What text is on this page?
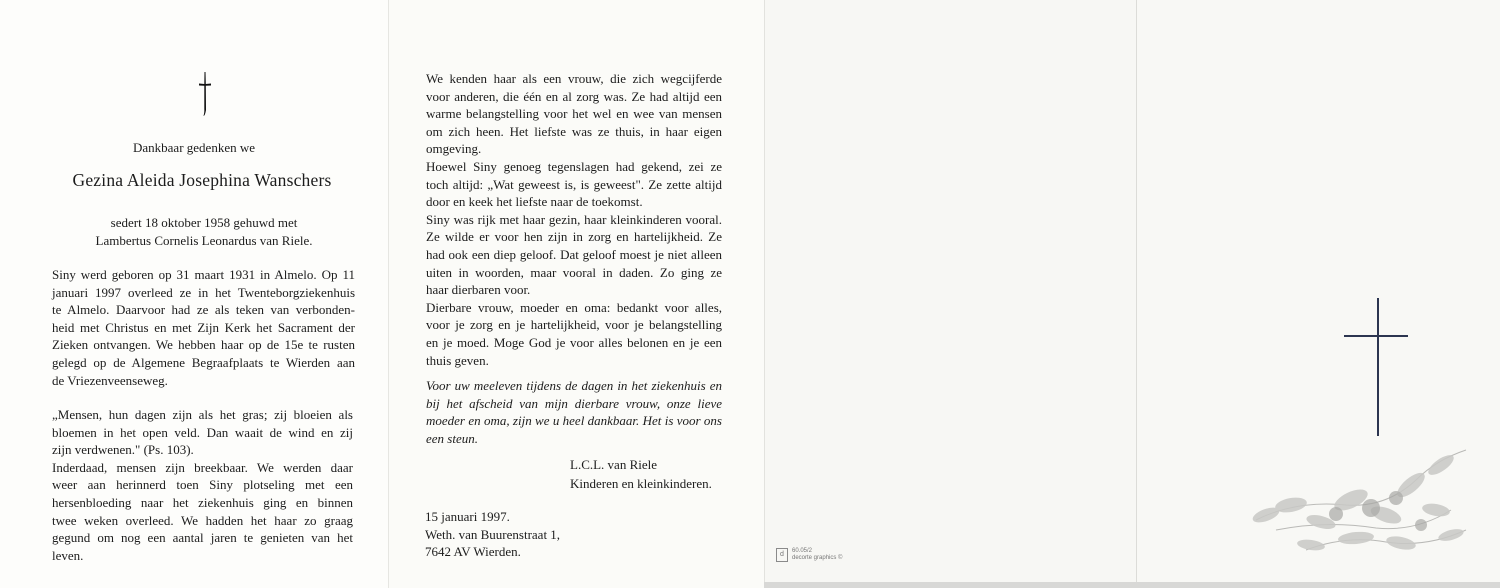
Dankbaar gedenken we
Gezina Aleida Josephina Wanschers
sedert 18 oktober 1958 gehuwd met
Lambertus Cornelis Leonardus van Riele.

Siny werd geboren op 31 maart 1931 in Almelo. Op 11

januari 1997 overleed ze in het Twenteborgziekenhuis

te Almelo. Daarvoor had ze als teken van verbonden-

heid met Christus en met Zijn Kerk het Sacrament der

Zieken ontvangen. We hebben haar op de 15e te rusten

gelegd op de Algemene Begraafplaats te Wierden aan

de Vriezenveenseweg.

„Mensen, hun dagen zijn als het gras; zij bloeien als

bloemen in het open veld. Dan waait de wind en zij

zijn verdwenen." (Ps. 103).

Inderdaad, mensen zijn breekbaar. We werden daar

weer aan herinnerd toen Siny plotseling met een

hersenbloeding naar het ziekenhuis ging en binnen

twee weken overleed. We hadden het haar zo graag

gegund om nog een aantal jaren te genieten van het

leven.

We kenden haar als een vrouw, die zich wegcijferde

voor anderen, die één en al zorg was. Ze had altijd een

warme belangstelling voor het wel en wee van mensen

om zich heen. Het liefste was ze thuis, in haar eigen

omgeving.

Hoewel Siny genoeg tegenslagen had gekend, zei ze

toch altijd: „Wat geweest is, is geweest". Ze zette altijd

door en keek het liefste naar de toekomst.

Siny was rijk met haar gezin, haar kleinkinderen vooral.

Ze wilde er voor hen zijn in zorg en hartelijkheid. Ze

had ook een diep geloof. Dat geloof moest je niet alleen

uiten in woorden, maar vooral in daden. Zo ging ze

haar dierbaren voor.

Dierbare vrouw, moeder en oma: bedankt voor alles,

voor je zorg en je hartelijkheid, voor je belangstelling

en je moed. Moge God je voor alles belonen en je een

thuis geven.

Voor uw meeleven tijdens de dagen in het ziekenhuis en

bij het afscheid van mijn dierbare vrouw, onze lieve

moeder en oma, zijn we u heel dankbaar. Het is voor ons

een steun.

L.C.L. van Riele
Kinderen en kleinkinderen.
15 januari 1997.
Weth. van Buurenstraat 1,
7642 AV Wierden.	d	60.05/2
decorte graphics ©
